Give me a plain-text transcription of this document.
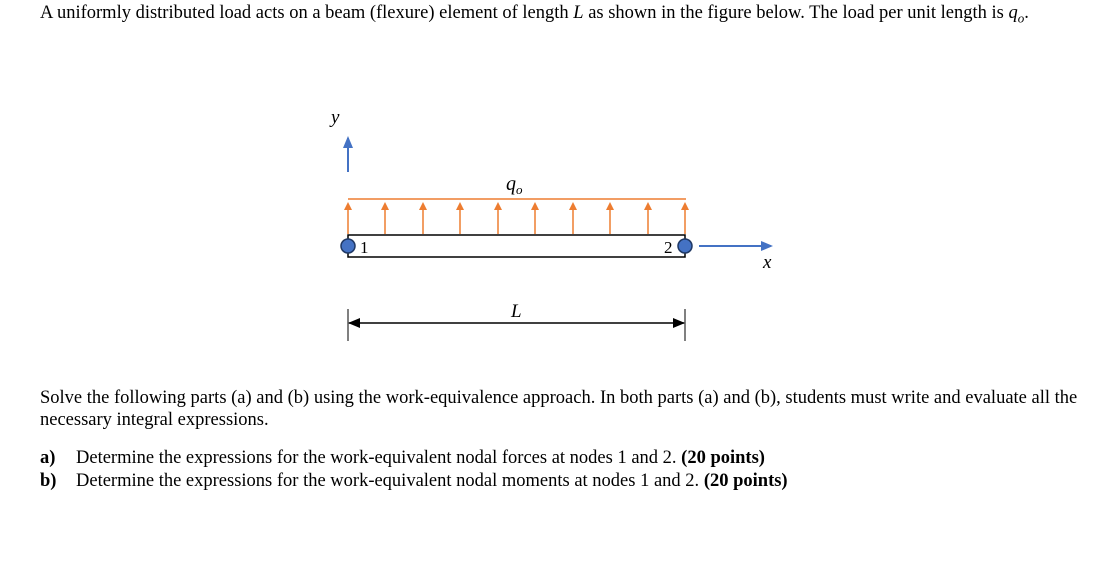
A uniformly distributed load acts on a beam (flexure) element of length L as shown in the figure below. The load per unit length is $q_o$.
y
$q_o$
1	2
x
L
Solve the following parts (a) and (b) using the work-equivalence approach. In both parts (a) and (b), students must write and evaluate all the necessary integral expressions.
a) Determine the expressions for the work-equivalent nodal forces at nodes 1 and 2. (20 points)
b) Determine the expressions for the work-equivalent nodal moments at nodes 1 and 2. (20 points)
